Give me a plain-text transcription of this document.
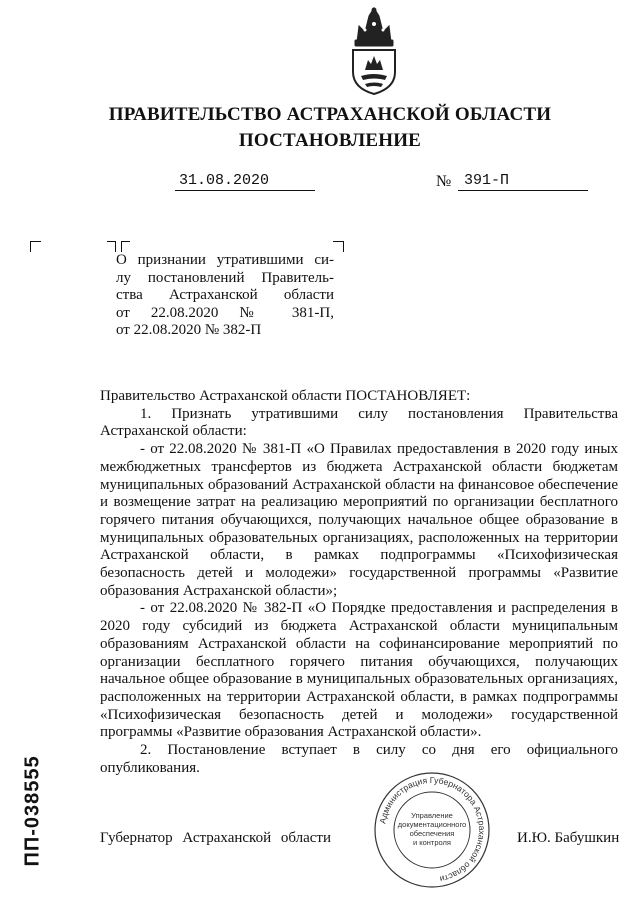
ПРАВИТЕЛЬСТВО АСТРАХАНСКОЙ ОБЛАСТИ
ПОСТАНОВЛЕНИЕ
31.08.2020	№ 391-П
О признании утратившими си-
лу постановлений Правитель-
ства Астраханской области
от 22.08.2020 № 381-П,
от 22.08.2020 № 382-П

Правительство Астраханской области ПОСТАНОВЛЯЕТ:

1. Признать утратившими силу постановления Правительства Астраханской области:

- от 22.08.2020 № 381-П «О Правилах предоставления в 2020 году иных межбюджетных трансфертов из бюджета Астраханской области бюджетам муниципальных образований Астраханской области на финансовое обеспечение и возмещение затрат на реализацию мероприятий по организации бесплатного горячего питания обучающихся, получающих начальное общее образование в муниципальных образовательных организациях, расположенных на территории Астраханской области, в рамках подпрограммы «Психофизическая безопасность детей и молодежи» государственной программы «Развитие образования Астраханской области»;

- от 22.08.2020 № 382-П «О Порядке предоставления и распределения в 2020 году субсидий из бюджета Астраханской области муниципальным образованиям Астраханской области на софинансирование мероприятий по организации бесплатного горячего питания обучающихся, получающих начальное общее образование в муниципальных образовательных организациях, расположенных на территории Астраханской области, в рамках подпрограммы «Психофизическая безопасность детей и молодежи» государственной программы «Развитие образования Астраханской области».

2. Постановление вступает в силу со дня его официального опубликования.

Администрация Губернатора Астраханской области
Управление
документационного
обеспечения
и контроля
Губернатор Астраханской области	И.Ю. Бабушкин
ПП-038555
